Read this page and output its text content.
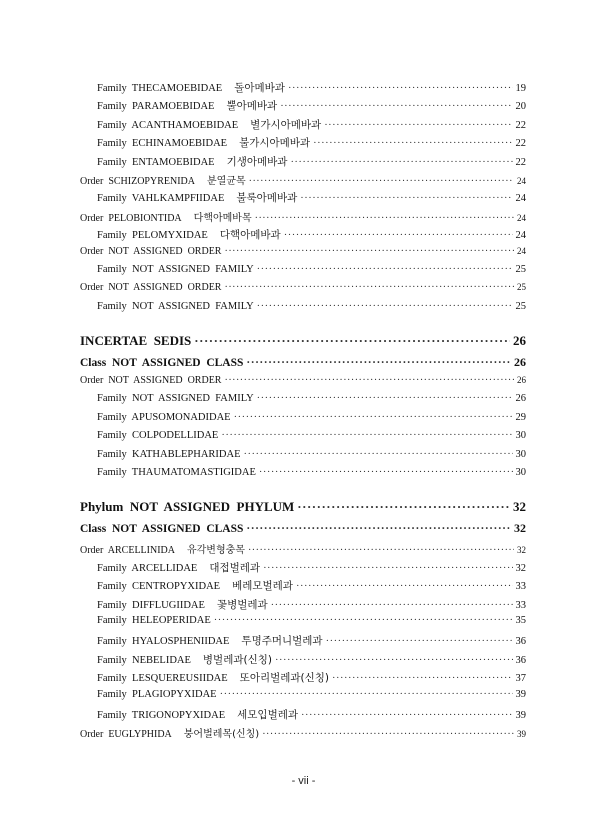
Family  THECAMOEBIDAE 돌아메바과 ·····	19
Family  PARAMOEBIDAE 뿔아메바과 ·····	20
Family  ACANTHAMOEBIDAE 별가시아메바과 ·····	22
Family  ECHINAMOEBIDAE 불가시아메바과 ·····	22
Family  ENTAMOEBIDAE 기생아메바과 ·····	22
Order  SCHIZOPYRENIDA 분열균목 ·····	24
Family  VAHLKAMPFIIDAE 불룩아메바과 ·····	24
Order  PELOBIONTIDA 다핵아메바목 ·····	24
Family  PELOMYXIDAE 다핵아메바과 ·····	24
Order  NOT  ASSIGNED  ORDER ·····	24
Family  NOT  ASSIGNED  FAMILY ·····	25
Order  NOT  ASSIGNED  ORDER ·····	25
Family  NOT  ASSIGNED  FAMILY ·····	25
INCERTAE  SEDIS ·····	26
Class  NOT  ASSIGNED  CLASS ·····	26
Order  NOT  ASSIGNED  ORDER ·····	26
Family  NOT  ASSIGNED  FAMILY ·····	26
Family  APUSOMONADIDAE ·····	29
Family  COLPODELLIDAE ·····	30
Family  KATHABLEPHARIDAE ·····	30
Family  THAUMATOMASTIGIDAE ·····	30
Phylum  NOT  ASSIGNED  PHYLUM ·····	32
Class  NOT  ASSIGNED  CLASS ·····	32
Order  ARCELLINIDA 유각변형충목 ·····	32
Family  ARCELLIDAE 대접벌레과 ·····	32
Family  CENTROPYXIDAE 베레모벌레과 ·····	33
Family  DIFFLUGIIDAE 꽃병벌레과 ·····	33
Family  HELEOPERIDAE ·····	35
Family  HYALOSPHENIIDAE 투명주머니벌레과 ·····	36
Family  NEBELIDAE 병벌레과(신칭) ·····	36
Family  LESQUEREUSIIDAE 또아리벌레과(신칭) ·····	37
Family  PLAGIOPYXIDAE ·····	39
Family  TRIGONOPYXIDAE 세모입벌레과 ·····	39
Order  EUGLYPHIDA 붕어벌레목(신칭) ·····	39
- vii -
